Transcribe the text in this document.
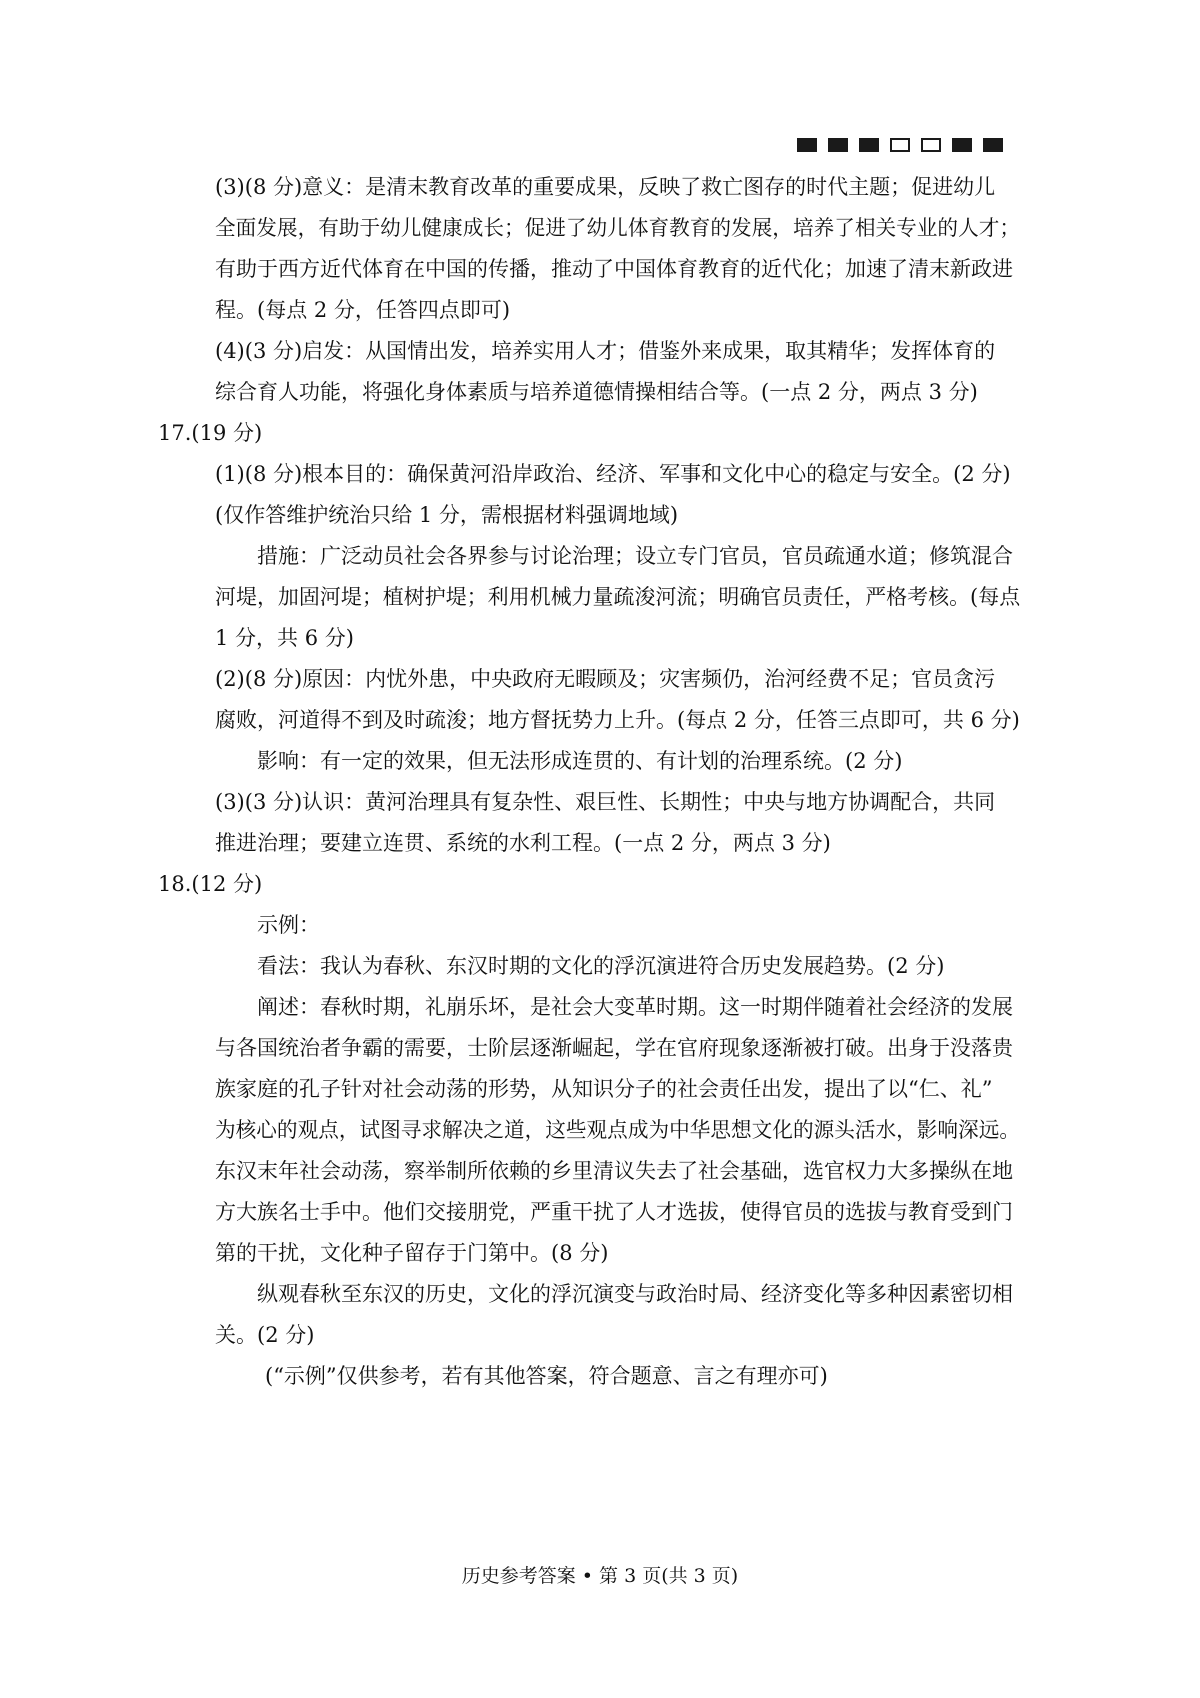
(3)(8 分)意义：是清末教育改革的重要成果，反映了救亡图存的时代主题；促进幼儿
全面发展，有助于幼儿健康成长；促进了幼儿体育教育的发展，培养了相关专业的人才；
有助于西方近代体育在中国的传播，推动了中国体育教育的近代化；加速了清末新政进
程。(每点 2 分，任答四点即可)
(4)(3 分)启发：从国情出发，培养实用人才；借鉴外来成果，取其精华；发挥体育的
综合育人功能，将强化身体素质与培养道德情操相结合等。(一点 2 分，两点 3 分)
17.(19 分)
(1)(8 分)根本目的：确保黄河沿岸政治、经济、军事和文化中心的稳定与安全。(2 分)
(仅作答维护统治只给 1 分，需根据材料强调地域)
措施：广泛动员社会各界参与讨论治理；设立专门官员，官员疏通水道；修筑混合
河堤，加固河堤；植树护堤；利用机械力量疏浚河流；明确官员责任，严格考核。(每点
1 分，共 6 分)
(2)(8 分)原因：内忧外患，中央政府无暇顾及；灾害频仍，治河经费不足；官员贪污
腐败，河道得不到及时疏浚；地方督抚势力上升。(每点 2 分，任答三点即可，共 6 分)
影响：有一定的效果，但无法形成连贯的、有计划的治理系统。(2 分)
(3)(3 分)认识：黄河治理具有复杂性、艰巨性、长期性；中央与地方协调配合，共同
推进治理；要建立连贯、系统的水利工程。(一点 2 分，两点 3 分)
18.(12 分)
示例：
看法：我认为春秋、东汉时期的文化的浮沉演进符合历史发展趋势。(2 分)
阐述：春秋时期，礼崩乐坏，是社会大变革时期。这一时期伴随着社会经济的发展
与各国统治者争霸的需要，士阶层逐渐崛起，学在官府现象逐渐被打破。出身于没落贵
族家庭的孔子针对社会动荡的形势，从知识分子的社会责任出发，提出了以“仁、礼”
为核心的观点，试图寻求解决之道，这些观点成为中华思想文化的源头活水，影响深远。
东汉末年社会动荡，察举制所依赖的乡里清议失去了社会基础，选官权力大多操纵在地
方大族名士手中。他们交接朋党，严重干扰了人才选拔，使得官员的选拔与教育受到门
第的干扰，文化种子留存于门第中。(8 分)
纵观春秋至东汉的历史，文化的浮沉演变与政治时局、经济变化等多种因素密切相
关。(2 分)
(“示例”仅供参考，若有其他答案，符合题意、言之有理亦可)
历史参考答案 • 第 3 页(共 3 页)
